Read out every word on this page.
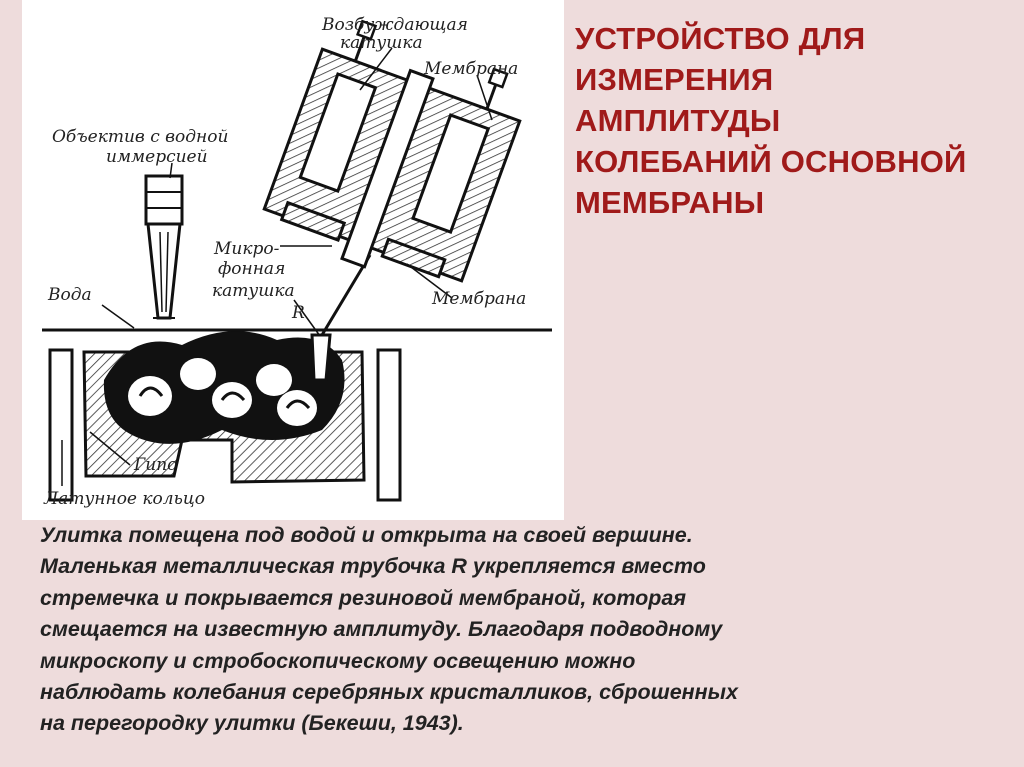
Возбуждающая
катушка
Мембрана
Объектив с водной
иммерсией
Микро-
фонная
катушка
R
Мембрана
Вода
Гипс
Латунное кольцо
УСТРОЙСТВО ДЛЯ
ИЗМЕРЕНИЯ
АМПЛИТУДЫ
КОЛЕБАНИЙ ОСНОВНОЙ
МЕМБРАНЫ
Улитка помещена под водой и открыта на своей вершине.
Маленькая металлическая трубочка R укрепляется вместо
стремечка и покрывается резиновой мембраной, которая
смещается на известную амплитуду. Благодаря подводному
микроскопу и стробоскопическому освещению можно
наблюдать колебания серебряных кристалликов, сброшенных
на перегородку улитки (Бекеши, 1943).
